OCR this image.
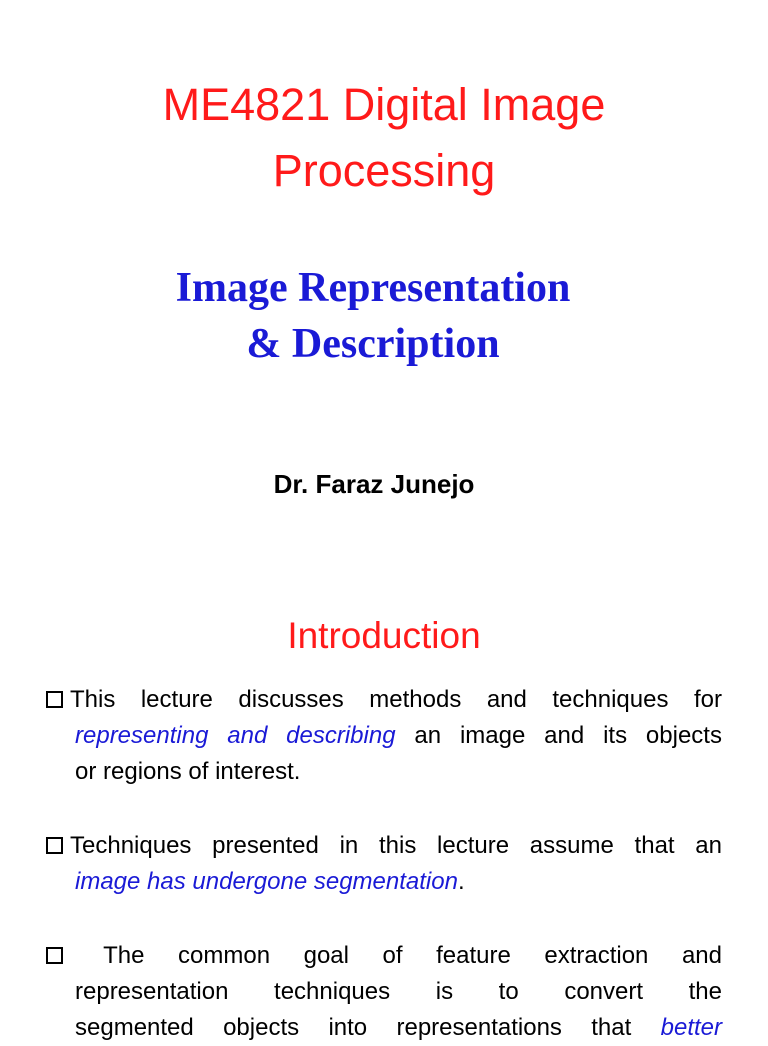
ME4821 Digital Image
Processing
Image Representation
& Description
Dr. Faraz Junejo
Introduction
This lecture discusses methods and techniques for
representing and describing an image and its objects
or regions of interest.
Techniques presented in this lecture assume that an
image has undergone segmentation.
The common goal of feature extraction and
representation techniques is to convert the
segmented objects into representations that better
